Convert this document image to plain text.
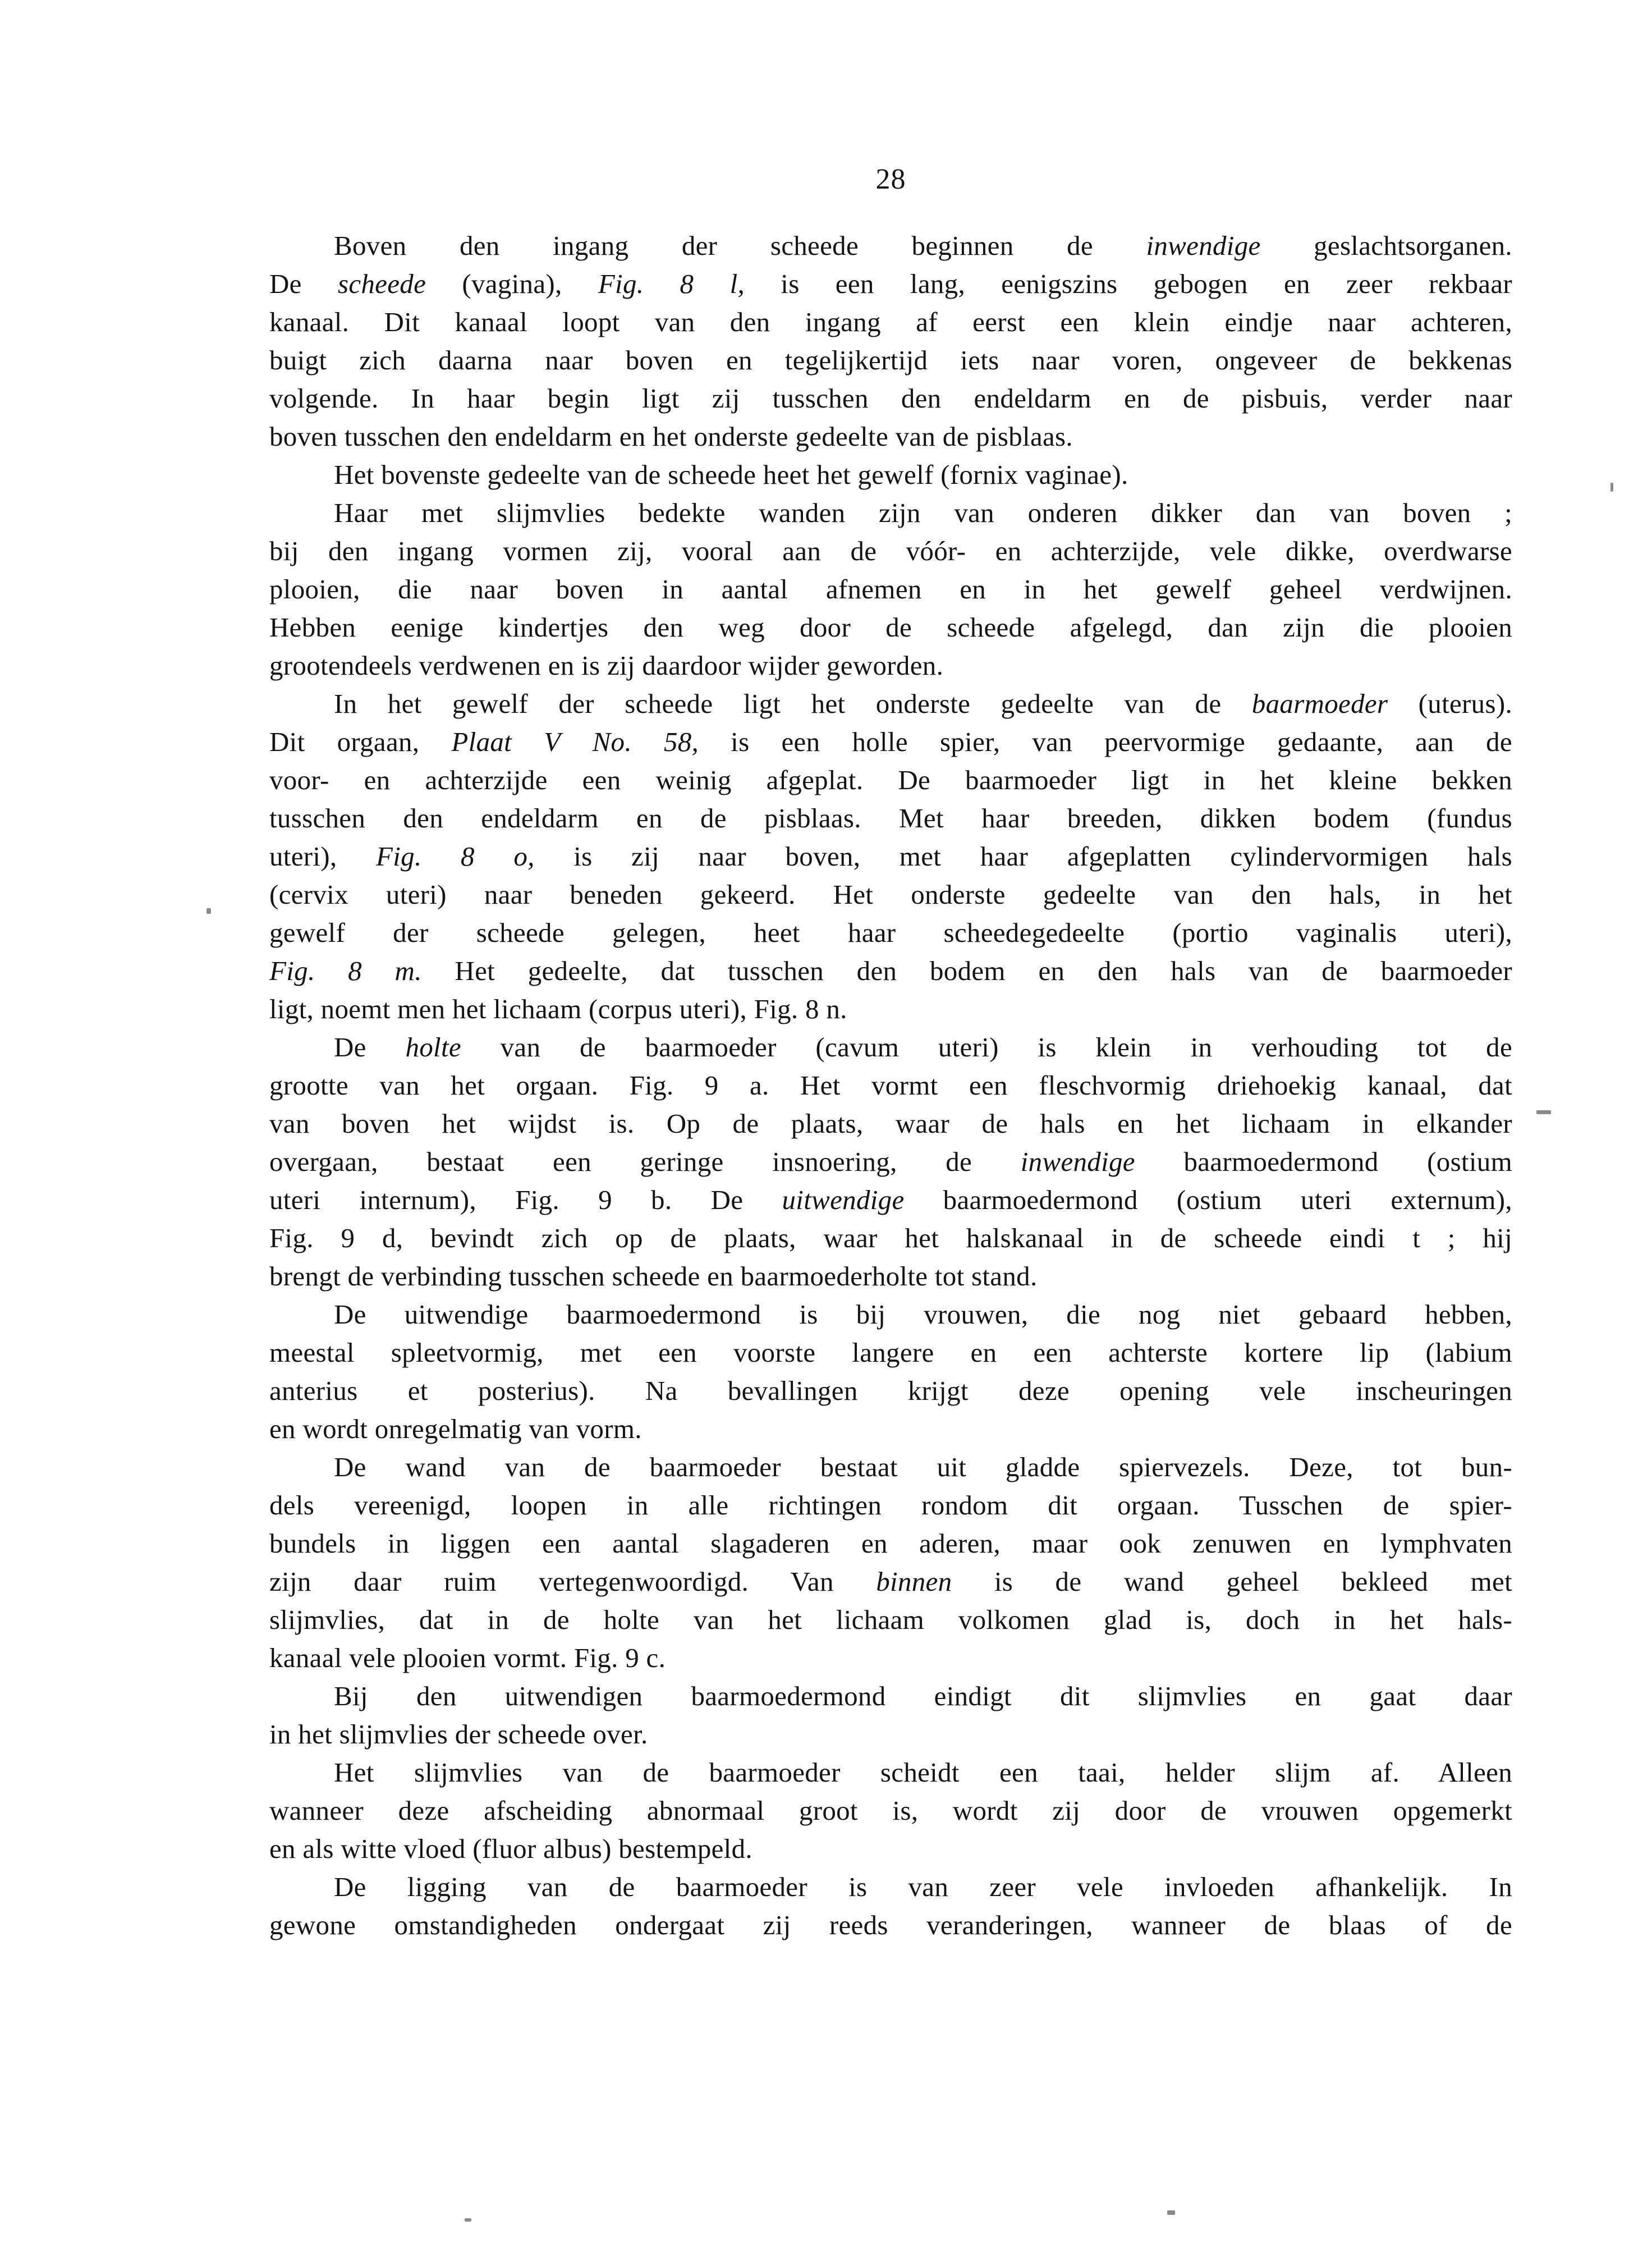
28
Boven den ingang der scheede beginnen de inwendige geslachtsorganen.
De scheede (vagina), Fig. 8 l, is een lang, eenigszins gebogen en zeer rekbaar
kanaal. Dit kanaal loopt van den ingang af eerst een klein eindje naar achteren,
buigt zich daarna naar boven en tegelijkertijd iets naar voren, ongeveer de bekkenas
volgende. In haar begin ligt zij tusschen den endeldarm en de pisbuis, verder naar
boven tusschen den endeldarm en het onderste gedeelte van de pisblaas.
Het bovenste gedeelte van de scheede heet het gewelf (fornix vaginae).
Haar met slijmvlies bedekte wanden zijn van onderen dikker dan van boven ;
bij den ingang vormen zij, vooral aan de vóór- en achterzijde, vele dikke, overdwarse
plooien, die naar boven in aantal afnemen en in het gewelf geheel verdwijnen.
Hebben eenige kindertjes den weg door de scheede afgelegd, dan zijn die plooien
grootendeels verdwenen en is zij daardoor wijder geworden.
In het gewelf der scheede ligt het onderste gedeelte van de baarmoeder (uterus).
Dit orgaan, Plaat V No. 58, is een holle spier, van peervormige gedaante, aan de
voor- en achterzijde een weinig afgeplat. De baarmoeder ligt in het kleine bekken
tusschen den endeldarm en de pisblaas. Met haar breeden, dikken bodem (fundus
uteri), Fig. 8 o, is zij naar boven, met haar afgeplatten cylindervormigen hals
(cervix uteri) naar beneden gekeerd. Het onderste gedeelte van den hals, in het
gewelf der scheede gelegen, heet haar scheedegedeelte (portio vaginalis uteri),
Fig. 8 m. Het gedeelte, dat tusschen den bodem en den hals van de baarmoeder
ligt, noemt men het lichaam (corpus uteri), Fig. 8 n.
De holte van de baarmoeder (cavum uteri) is klein in verhouding tot de
grootte van het orgaan. Fig. 9 a. Het vormt een fleschvormig driehoekig kanaal, dat
van boven het wijdst is. Op de plaats, waar de hals en het lichaam in elkander
overgaan, bestaat een geringe insnoering, de inwendige baarmoedermond (ostium
uteri internum), Fig. 9 b. De uitwendige baarmoedermond (ostium uteri externum),
Fig. 9 d, bevindt zich op de plaats, waar het halskanaal in de scheede eindi t ; hij
brengt de verbinding tusschen scheede en baarmoederholte tot stand.
De uitwendige baarmoedermond is bij vrouwen, die nog niet gebaard hebben,
meestal spleetvormig, met een voorste langere en een achterste kortere lip (labium
anterius et posterius). Na bevallingen krijgt deze opening vele inscheuringen
en wordt onregelmatig van vorm.
De wand van de baarmoeder bestaat uit gladde spiervezels. Deze, tot bun-
dels vereenigd, loopen in alle richtingen rondom dit orgaan. Tusschen de spier-
bundels in liggen een aantal slagaderen en aderen, maar ook zenuwen en lymphvaten
zijn daar ruim vertegenwoordigd. Van binnen is de wand geheel bekleed met
slijmvlies, dat in de holte van het lichaam volkomen glad is, doch in het hals-
kanaal vele plooien vormt. Fig. 9 c.
Bij den uitwendigen baarmoedermond eindigt dit slijmvlies en gaat daar
in het slijmvlies der scheede over.
Het slijmvlies van de baarmoeder scheidt een taai, helder slijm af. Alleen
wanneer deze afscheiding abnormaal groot is, wordt zij door de vrouwen opgemerkt
en als witte vloed (fluor albus) bestempeld.
De ligging van de baarmoeder is van zeer vele invloeden afhankelijk. In
gewone omstandigheden ondergaat zij reeds veranderingen, wanneer de blaas of de
